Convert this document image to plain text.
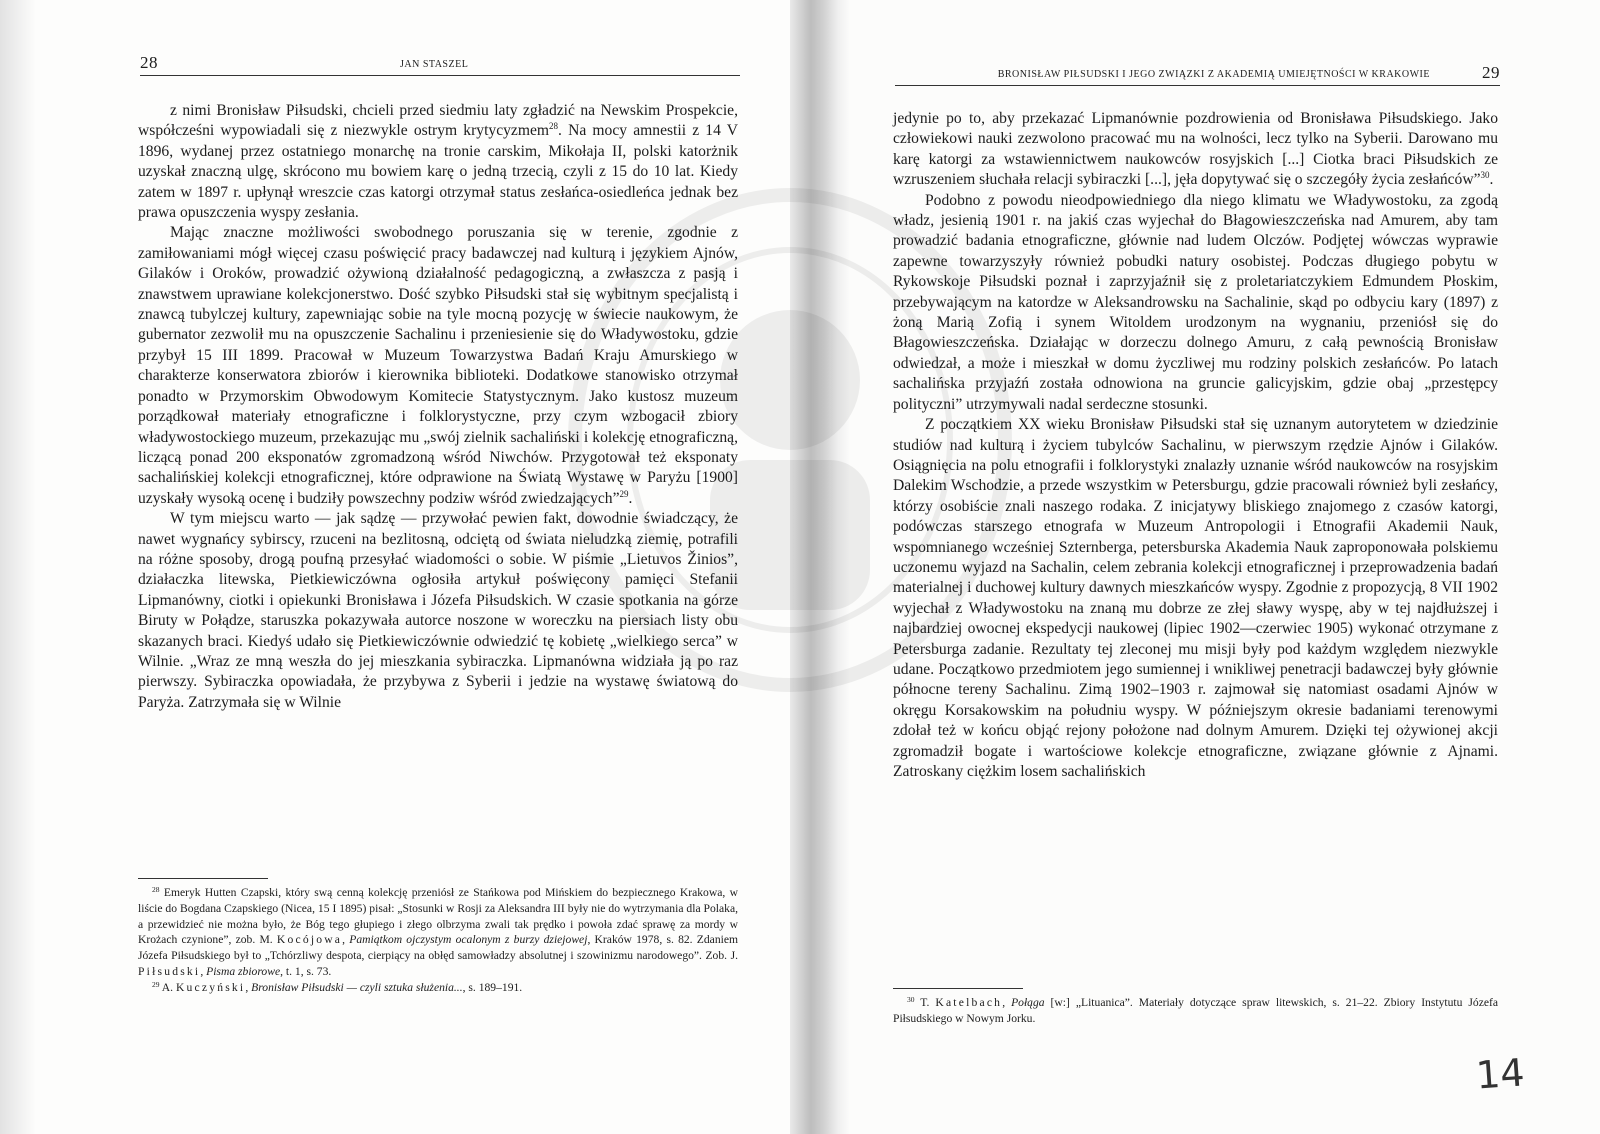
28	JAN STASZEL

z nimi Bronisław Piłsudski, chcieli przed siedmiu laty zgładzić na Newskim Prospekcie, współcześni wypowiadali się z niezwykle ostrym krytycyzmem$^{28}$. Na mocy amnestii z 14 V 1896, wydanej przez ostatniego monarchę na tronie carskim, Mikołaja II, polski katorżnik uzyskał znaczną ulgę, skrócono mu bowiem karę o jedną trzecią, czyli z 15 do 10 lat. Kiedy zatem w 1897 r. upłynął wreszcie czas katorgi otrzymał status zesłańca-osiedleńca jednak bez prawa opuszczenia wyspy zesłania.

Mając znaczne możliwości swobodnego poruszania się w terenie, zgodnie z zamiłowaniami mógł więcej czasu poświęcić pracy badawczej nad kulturą i językiem Ajnów, Gilaków i Oroków, prowadzić ożywioną działalność pedagogiczną, a zwłaszcza z pasją i znawstwem uprawiane kolekcjonerstwo. Dość szybko Piłsudski stał się wybitnym specjalistą i znawcą tubylczej kultury, zapewniając sobie na tyle mocną pozycję w świecie naukowym, że gubernator zezwolił mu na opuszczenie Sachalinu i przeniesienie się do Władywostoku, gdzie przybył 15 III 1899. Pracował w Muzeum Towarzystwa Badań Kraju Amurskiego w charakterze konserwatora zbiorów i kierownika biblioteki. Dodatkowe stanowisko otrzymał ponadto w Przymorskim Obwodowym Komitecie Statystycznym. Jako kustosz muzeum porządkował materiały etnograficzne i folklorystyczne, przy czym wzbogacił zbiory władywostockiego muzeum, przekazując mu „swój zielnik sachaliński i kolekcję etnograficzną, liczącą ponad 200 eksponatów zgromadzoną wśród Niwchów. Przygotował też eksponaty sachalińskiej kolekcji etnograficznej, które odprawione na Światą Wystawę w Paryżu [1900] uzyskały wysoką ocenę i budziły powszechny podziw wśród zwiedzających”$^{29}$.

W tym miejscu warto — jak sądzę — przywołać pewien fakt, dowodnie świadczący, że nawet wygnańcy sybirscy, rzuceni na bezlitosną, odciętą od świata nieludzką ziemię, potrafili na różne sposoby, drogą poufną przesyłać wiadomości o sobie. W piśmie „Lietuvos Žinios”, działaczka litewska, Pietkiewiczówna ogłosiła artykuł poświęcony pamięci Stefanii Lipmanówny, ciotki i opiekunki Bronisława i Józefa Piłsudskich. W czasie spotkania na górze Biruty w Połądze, staruszka pokazywała autorce noszone w woreczku na piersiach listy obu skazanych braci. Kiedyś udało się Pietkiewiczównie odwiedzić tę kobietę „wielkiego serca” w Wilnie. „Wraz ze mną weszła do jej mieszkania sybiraczka. Lipmanówna widziała ją po raz pierwszy. Sybiraczka opowiadała, że przybywa z Syberii i jedzie na wystawę światową do Paryża. Zatrzymała się w Wilnie

$^{28}$ Emeryk Hutten Czapski, który swą cenną kolekcję przeniósł ze Stańkowa pod Mińskiem do bezpiecznego Krakowa, w liście do Bogdana Czapskiego (Nicea, 15 I 1895) pisał: „Stosunki w Rosji za Aleksandra III były nie do wytrzymania dla Polaka, a przewidzieć nie można było, że Bóg tego głupiego i złego olbrzyma zwali tak prędko i powoła zdać sprawę za mordy w Krożach czynione”, zob. M. Kocójowa, Pamiątkom ojczystym ocalonym z burzy dziejowej, Kraków 1978, s. 82. Zdaniem Józefa Piłsudskiego był to „Tchórzliwy despota, cierpiący na obłęd samowładzy absolutnej i szowinizmu narodowego”. Zob. J. Piłsudski, Pisma zbiorowe, t. 1, s. 73.

$^{29}$ A. Kuczyński, Bronisław Piłsudski — czyli sztuka służenia..., s. 189–191.

BRONISŁAW PIŁSUDSKI I JEGO ZWIĄZKI Z AKADEMIĄ UMIEJĘTNOŚCI W KRAKOWIE	29

jedynie po to, aby przekazać Lipmanównie pozdrowienia od Bronisława Piłsudskiego. Jako człowiekowi nauki zezwolono pracować mu na wolności, lecz tylko na Syberii. Darowano mu karę katorgi za wstawiennictwem naukowców rosyjskich [...] Ciotka braci Piłsudskich ze wzruszeniem słuchała relacji sybiraczki [...], jęła dopytywać się o szczegóły życia zesłańców”$^{30}$.

Podobno z powodu nieodpowiedniego dla niego klimatu we Władywostoku, za zgodą władz, jesienią 1901 r. na jakiś czas wyjechał do Błagowieszczeńska nad Amurem, aby tam prowadzić badania etnograficzne, głównie nad ludem Olczów. Podjętej wówczas wyprawie zapewne towarzyszyły również pobudki natury osobistej. Podczas długiego pobytu w Rykowskoje Piłsudski poznał i zaprzyjaźnił się z proletariatczykiem Edmundem Płoskim, przebywającym na katordze w Aleksandrowsku na Sachalinie, skąd po odbyciu kary (1897) z żoną Marią Zofią i synem Witoldem urodzonym na wygnaniu, przeniósł się do Błagowieszczeńska. Działając w dorzeczu dolnego Amuru, z całą pewnością Bronisław odwiedzał, a może i mieszkał w domu życzliwej mu rodziny polskich zesłańców. Po latach sachalińska przyjaźń została odnowiona na gruncie galicyjskim, gdzie obaj „przestępcy polityczni” utrzymywali nadal serdeczne stosunki.

Z początkiem XX wieku Bronisław Piłsudski stał się uznanym autorytetem w dziedzinie studiów nad kulturą i życiem tubylców Sachalinu, w pierwszym rzędzie Ajnów i Gilaków. Osiągnięcia na polu etnografii i folklorystyki znalazły uznanie wśród naukowców na rosyjskim Dalekim Wschodzie, a przede wszystkim w Petersburgu, gdzie pracowali również byli zesłańcy, którzy osobiście znali naszego rodaka. Z inicjatywy bliskiego znajomego z czasów katorgi, podówczas starszego etnografa w Muzeum Antropologii i Etnografii Akademii Nauk, wspomnianego wcześniej Szternberga, petersburska Akademia Nauk zaproponowała polskiemu uczonemu wyjazd na Sachalin, celem zebrania kolekcji etnograficznej i przeprowadzenia badań materialnej i duchowej kultury dawnych mieszkańców wyspy. Zgodnie z propozycją, 8 VII 1902 wyjechał z Władywostoku na znaną mu dobrze ze złej sławy wyspę, aby w tej najdłuższej i najbardziej owocnej ekspedycji naukowej (lipiec 1902—czerwiec 1905) wykonać otrzymane z Petersburga zadanie. Rezultaty tej zleconej mu misji były pod każdym względem niezwykle udane. Początkowo przedmiotem jego sumiennej i wnikliwej penetracji badawczej były głównie północne tereny Sachalinu. Zimą 1902–1903 r. zajmował się natomiast osadami Ajnów w okręgu Korsakowskim na południu wyspy. W późniejszym okresie badaniami terenowymi zdołał też w końcu objąć rejony położone nad dolnym Amurem. Dzięki tej ożywionej akcji zgromadził bogate i wartościowe kolekcje etnograficzne, związane głównie z Ajnami. Zatroskany ciężkim losem sachalińskich

$^{30}$ T. Katelbach, Połąga [w:] „Lituanica”. Materiały dotyczące spraw litewskich, s. 21–22. Zbiory Instytutu Józefa Piłsudskiego w Nowym Jorku.

14
